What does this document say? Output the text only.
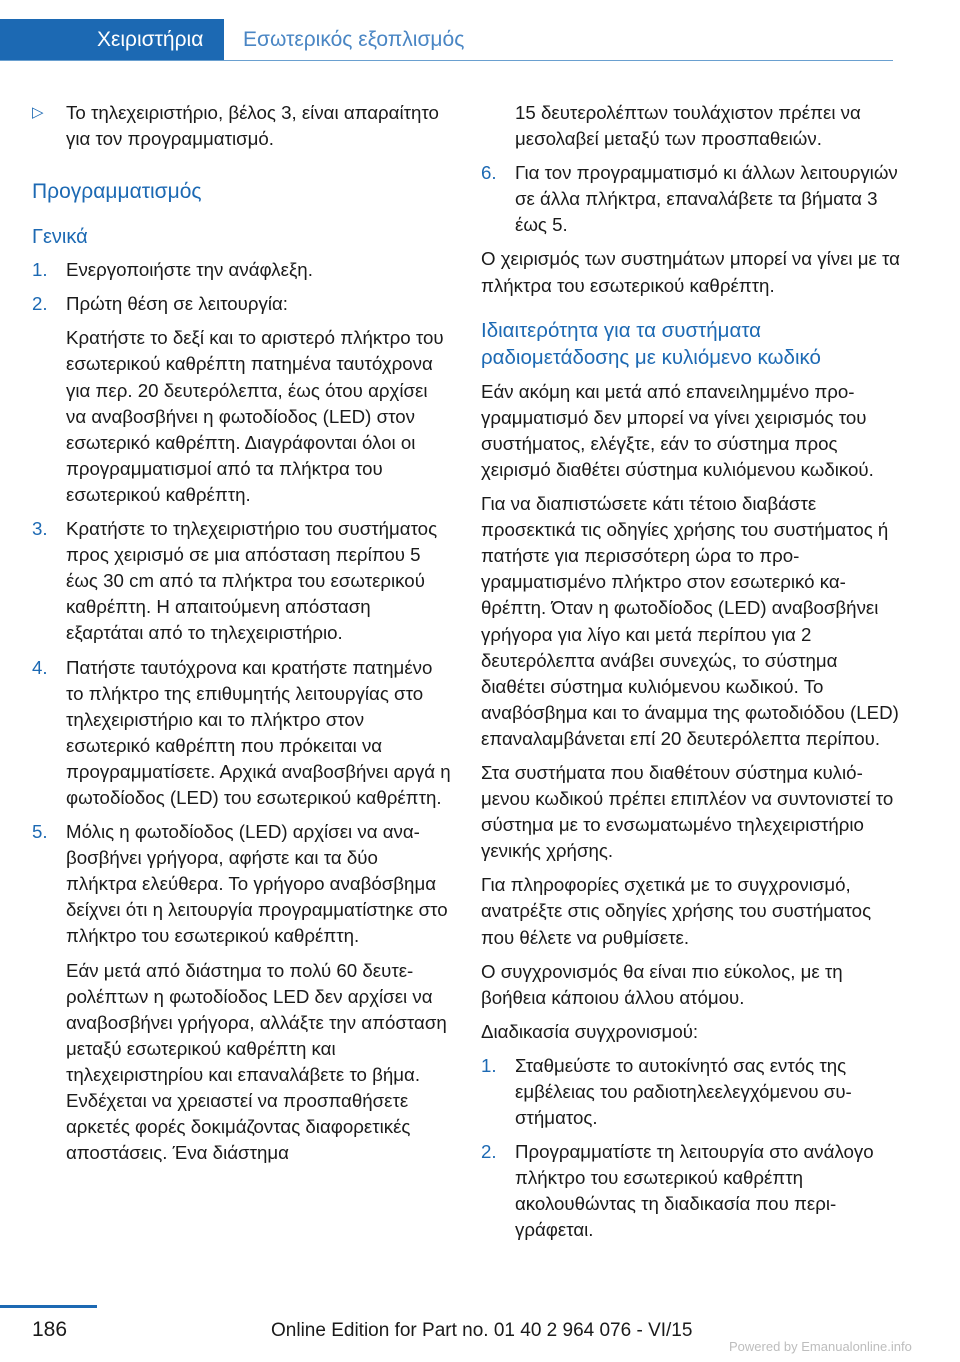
Χειριστήρια	Εσωτερικός εξοπλισμός
▷ Το τηλεχειριστήριο, βέλος 3, είναι απαραίτητο για τον προγραμματισμό.
Προγραμματισμός
Γενικά
1. Ενεργοποιήστε την ανάφλεξη.
2. Πρώτη θέση σε λειτουργία:
Κρατήστε το δεξί και το αριστερό πλήκτρο του εσωτερικού καθρέπτη πατημένα ταυτόχρονα για περ. 20 δευτερόλεπτα, έως ότου αρχίσει να αναβοσβήνει η φωτοδίοδος (LED) στον εσωτερικό καθρέπτη. Διαγράφονται όλοι οι προγραμματισμοί από τα πλήκτρα του εσωτερικού καθρέπτη.
3. Κρατήστε το τηλεχειριστήριο του συστήματος προς χειρισμό σε μια απόσταση περίπου 5 έως 30 cm από τα πλήκτρα του εσωτερικού καθρέπτη. Η απαιτούμενη απόσταση εξαρτάται από το τηλεχειριστήριο.
4. Πατήστε ταυτόχρονα και κρατήστε πατημένο το πλήκτρο της επιθυμητής λειτουργίας στο τηλεχειριστήριο και το πλήκτρο στον εσωτερικό καθρέπτη που πρόκειται να προγραμματίσετε. Αρχικά αναβοσβήνει αργά η φωτοδίοδος (LED) του εσωτερικού καθρέπτη.
5. Μόλις η φωτοδίοδος (LED) αρχίσει να αναβοσβήνει γρήγορα, αφήστε και τα δύο πλήκτρα ελεύθερα. Το γρήγορο αναβόσβημα δείχνει ότι η λειτουργία προγραμματίστηκε στο πλήκτρο του εσωτερικού καθρέπτη.
Εάν μετά από διάστημα το πολύ 60 δευτερολέπτων η φωτοδίοδος LED δεν αρχίσει να αναβοσβήνει γρήγορα, αλλάξτε την απόσταση μεταξύ εσωτερικού καθρέπτη και τηλεχειριστηρίου και επαναλάβετε το βήμα. Ενδέχεται να χρειαστεί να προσπαθήσετε αρκετές φορές δοκιμάζοντας διαφορετικές αποστάσεις. Ένα διάστημα
15 δευτερολέπτων τουλάχιστον πρέπει να μεσολαβεί μεταξύ των προσπαθειών.
6. Για τον προγραμματισμό κι άλλων λειτουργιών σε άλλα πλήκτρα, επαναλάβετε τα βήματα 3 έως 5.
Ο χειρισμός των συστημάτων μπορεί να γίνει με τα πλήκτρα του εσωτερικού καθρέπτη.
Ιδιαιτερότητα για τα συστήματα ραδιομετάδοσης με κυλιόμενο κωδικό
Εάν ακόμη και μετά από επανειλημμένο προγραμματισμό δεν μπορεί να γίνει χειρισμός του συστήματος, ελέγξτε, εάν το σύστημα προς χειρισμό διαθέτει σύστημα κυλιόμενου κωδικού.
Για να διαπιστώσετε κάτι τέτοιο διαβάστε προσεκτικά τις οδηγίες χρήσης του συστήματος ή πατήστε για περισσότερη ώρα το προγραμματισμένο πλήκτρο στον εσωτερικό καθρέπτη. Όταν η φωτοδίοδος (LED) αναβοσβήνει γρήγορα για λίγο και μετά περίπου για 2 δευτερόλεπτα ανάβει συνεχώς, το σύστημα διαθέτει σύστημα κυλιόμενου κωδικού. Το αναβόσβημα και το άναμμα της φωτοδιόδου (LED) επαναλαμβάνεται επί 20 δευτερόλεπτα περίπου.
Στα συστήματα που διαθέτουν σύστημα κυλιόμενου κωδικού πρέπει επιπλέον να συντονιστεί το σύστημα με το ενσωματωμένο τηλεχειριστήριο γενικής χρήσης.
Για πληροφορίες σχετικά με το συγχρονισμό, ανατρέξτε στις οδηγίες χρήσης του συστήματος που θέλετε να ρυθμίσετε.
Ο συγχρονισμός θα είναι πιο εύκολος, με τη βοήθεια κάποιου άλλου ατόμου.
Διαδικασία συγχρονισμού:
1. Σταθμεύστε το αυτοκίνητό σας εντός της εμβέλειας του ραδιοτηλεελεγχόμενου συστήματος.
2. Προγραμματίστε τη λειτουργία στο ανάλογο πλήκτρο του εσωτερικού καθρέπτη ακολουθώντας τη διαδικασία που περιγράφεται.
186	Online Edition for Part no. 01 40 2 964 076 - VI/15
Powered by Emanualonline.info
